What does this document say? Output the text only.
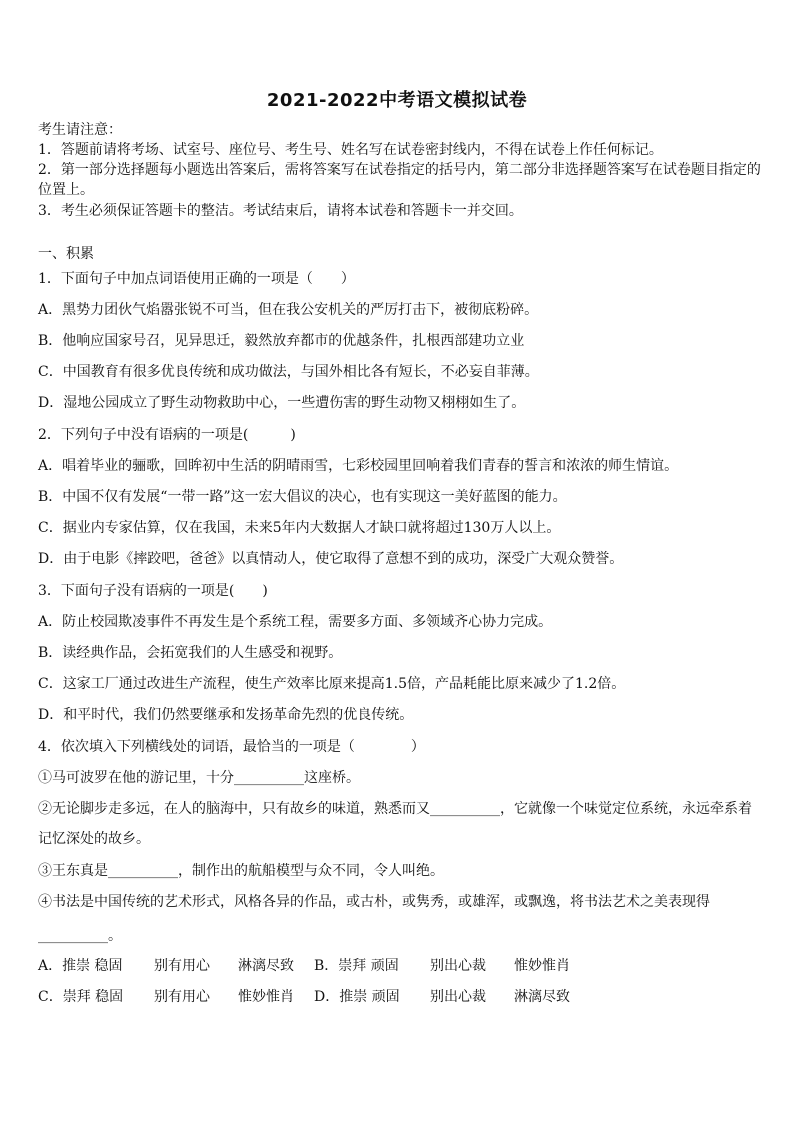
2021-2022中考语文模拟试卷
考生请注意：
1．答题前请将考场、试室号、座位号、考生号、姓名写在试卷密封线内，不得在试卷上作任何标记。
2．第一部分选择题每小题选出答案后，需将答案写在试卷指定的括号内，第二部分非选择题答案写在试卷题目指定的
位置上。
3．考生必须保证答题卡的整洁。考试结束后，请将本试卷和答题卡一并交回。
一、积累
1．下面句子中加点词语使用正确的一项是（　　）
A．黑势力团伙气焰嚣张锐不可当，但在我公安机关的严厉打击下，被彻底粉碎。
B．他响应国家号召，见异思迁，毅然放弃都市的优越条件，扎根西部建功立业
C．中国教育有很多优良传统和成功做法，与国外相比各有短长，不必妄自菲薄。
D．湿地公园成立了野生动物救助中心，一些遭伤害的野生动物又栩栩如生了。
2．下列句子中没有语病的一项是(　　　)
A．唱着毕业的骊歌，回眸初中生活的阴晴雨雪，七彩校园里回响着我们青春的誓言和浓浓的师生情谊。
B．中国不仅有发展“一带一路”这一宏大倡议的决心，也有实现这一美好蓝图的能力。
C．据业内专家估算，仅在我国，未来5年内大数据人才缺口就将超过130万人以上。
D．由于电影《摔跤吧，爸爸》以真情动人，使它取得了意想不到的成功，深受广大观众赞誉。
3．下面句子没有语病的一项是(　　)
A．防止校园欺凌事件不再发生是个系统工程，需要多方面、多领域齐心协力完成。
B．读经典作品，会拓宽我们的人生感受和视野。
C．这家工厂通过改进生产流程，使生产效率比原来提高1.5倍，产品耗能比原来减少了1.2倍。
D．和平时代，我们仍然要继承和发扬革命先烈的优良传统。
4．依次填入下列横线处的词语，最恰当的一项是（　　　　）
①马可波罗在他的游记里，十分__________这座桥。
②无论脚步走多远，在人的脑海中，只有故乡的味道，熟悉而又__________，它就像一个味觉定位系统，永远牵系着
记忆深处的故乡。
③王东真是__________，制作出的航船模型与众不同，令人叫绝。
④书法是中国传统的艺术形式，风格各异的作品，或古朴，或隽秀，或雄浑，或飘逸，将书法艺术之美表现得
__________。
A．推崇 稳固 别有用心 淋漓尽致 B．崇拜 顽固 别出心裁 惟妙惟肖
C．崇拜 稳固 别有用心 惟妙惟肖 D．推崇 顽固 别出心裁 淋漓尽致
